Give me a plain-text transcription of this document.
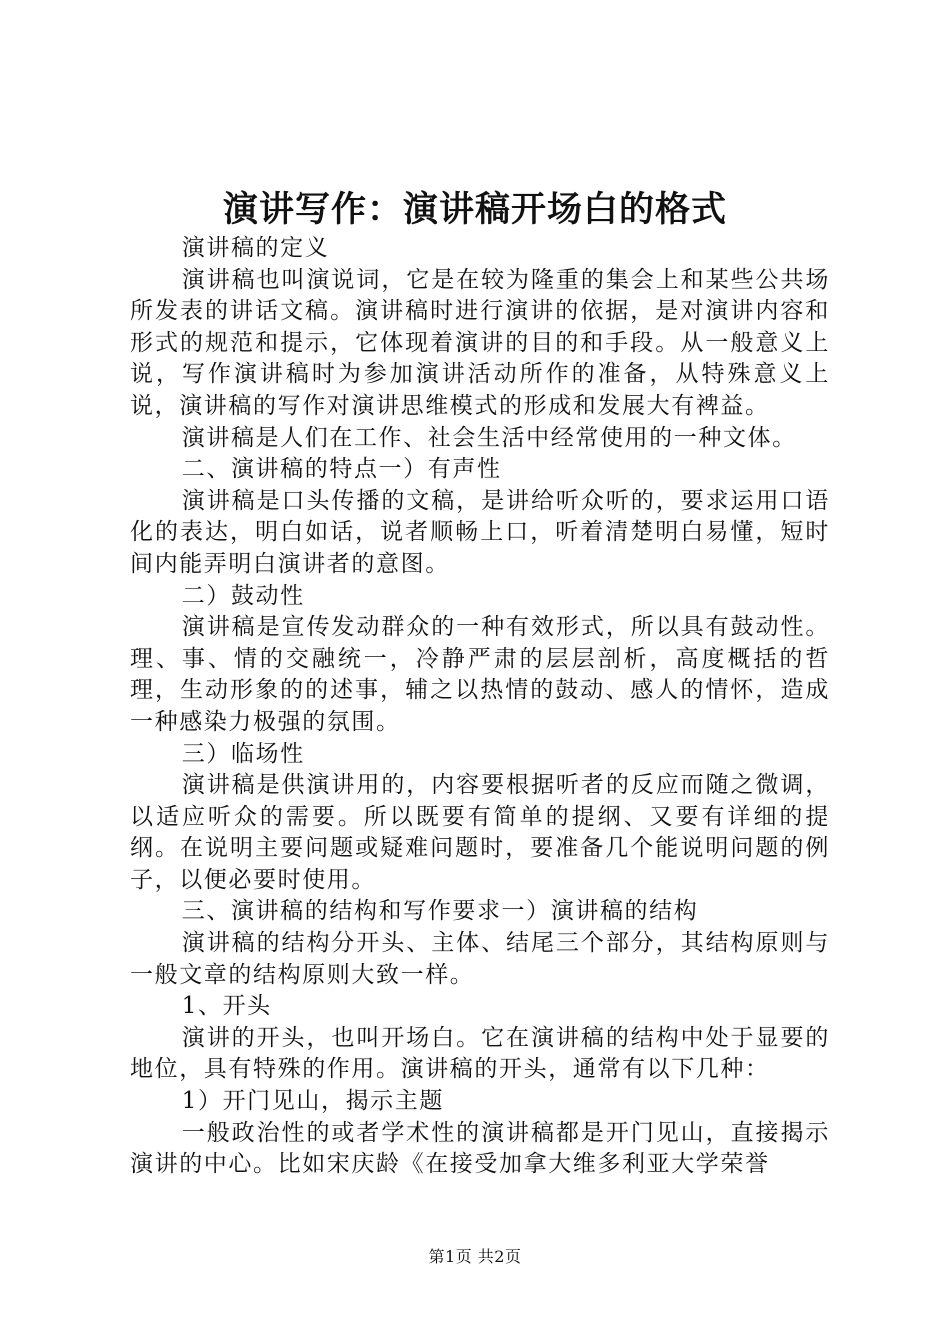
演讲写作：演讲稿开场白的格式

演讲稿的定义

演讲稿也叫演说词，它是在较为隆重的集会上和某些公共场所发表的讲话文稿。演讲稿时进行演讲的依据，是对演讲内容和形式的规范和提示，它体现着演讲的目的和手段。从一般意义上说，写作演讲稿时为参加演讲活动所作的准备，从特殊意义上说，演讲稿的写作对演讲思维模式的形成和发展大有裨益。

演讲稿是人们在工作、社会生活中经常使用的一种文体。

二、演讲稿的特点一）有声性

演讲稿是口头传播的文稿，是讲给听众听的，要求运用口语化的表达，明白如话，说者顺畅上口，听着清楚明白易懂，短时间内能弄明白演讲者的意图。

二）鼓动性

演讲稿是宣传发动群众的一种有效形式，所以具有鼓动性。理、事、情的交融统一，冷静严肃的层层剖析，高度概括的哲理，生动形象的的述事，辅之以热情的鼓动、感人的情怀，造成一种感染力极强的氛围。

三）临场性

演讲稿是供演讲用的，内容要根据听者的反应而随之微调，以适应听众的需要。所以既要有简单的提纲、又要有详细的提纲。在说明主要问题或疑难问题时，要准备几个能说明问题的例子，以便必要时使用。

三、演讲稿的结构和写作要求一）演讲稿的结构

演讲稿的结构分开头、主体、结尾三个部分，其结构原则与一般文章的结构原则大致一样。

1、开头

演讲的开头，也叫开场白。它在演讲稿的结构中处于显要的地位，具有特殊的作用。演讲稿的开头，通常有以下几种：

1）开门见山，揭示主题

一般政治性的或者学术性的演讲稿都是开门见山，直接揭示演讲的中心。比如宋庆龄《在接受加拿大维多利亚大学荣誉

第1页 共2页
